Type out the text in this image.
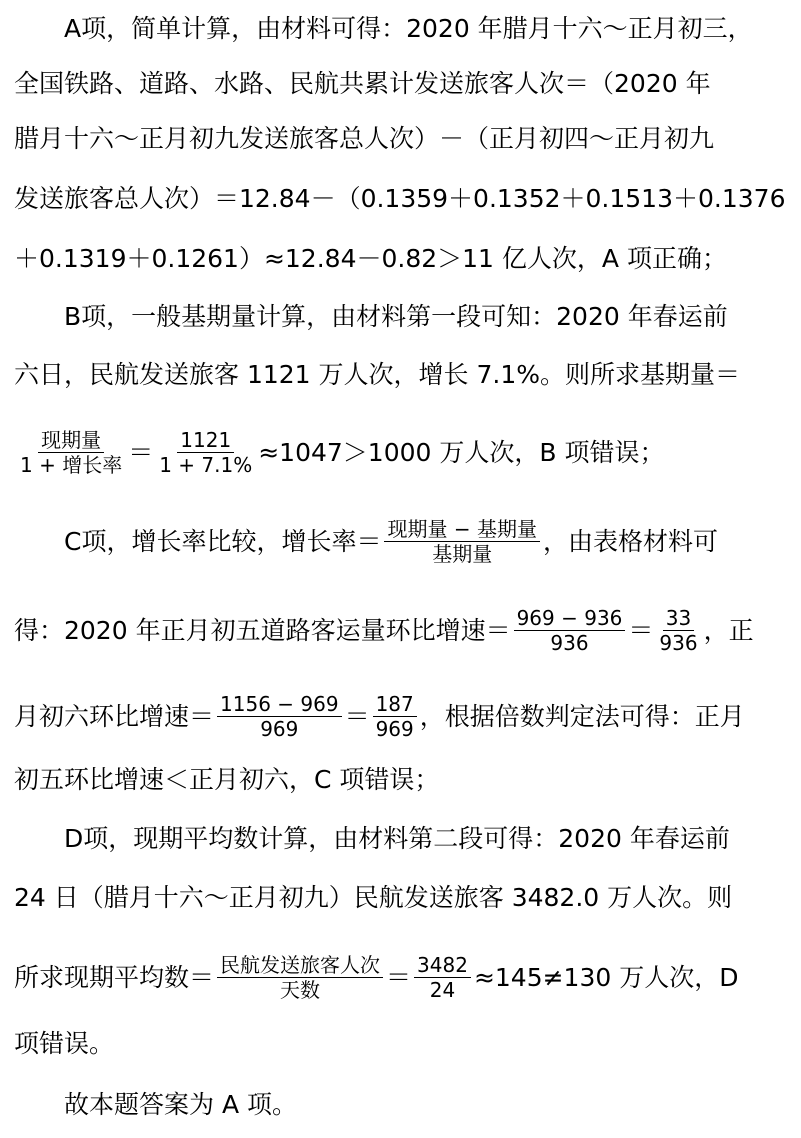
A项，简单计算，由材料可得：2020 年腊月十六～正月初三，
全国铁路、道路、水路、民航共累计发送旅客人次＝（2020 年
腊月十六～正月初九发送旅客总人次）－（正月初四～正月初九
发送旅客总人次）＝12.84－（0.1359＋0.1352＋0.1513＋0.1376
＋0.1319＋0.1261）≈12.84－0.82＞11 亿人次，A 项正确；
B项，一般基期量计算，由材料第一段可知：2020 年春运前
六日，民航发送旅客 1121 万人次，增长 7.1%。则所求基期量＝
$\frac{\text{现期量}}{\text{1 + 增长率}} = \frac{1121}{1 + 7.1\%} \approx 1047>1000$ 万人次，B 项错误；
C项，增长率比较，增长率＝ $\frac{\text{现期量 − 基期量}}{\text{基期量}}$ ，由表格材料可
得：2020 年正月初五道路客运量环比增速＝ $\frac{969 - 936}{936} = \frac{33}{936}$ ，正
月初六环比增速＝ $\frac{1156 - 969}{969} = \frac{187}{969}$ ，根据倍数判定法可得：正月
初五环比增速＜正月初六，C 项错误；
D项，现期平均数计算，由材料第二段可得：2020 年春运前
24 日（腊月十六～正月初九）民航发送旅客 3482.0 万人次。则
所求现期平均数＝ $\frac{\text{民航发送旅客人次}}{\text{天数}} = \frac{3482}{24} \approx 145\ne 130$ 万人次，D
项错误。
故本题答案为 A 项。
